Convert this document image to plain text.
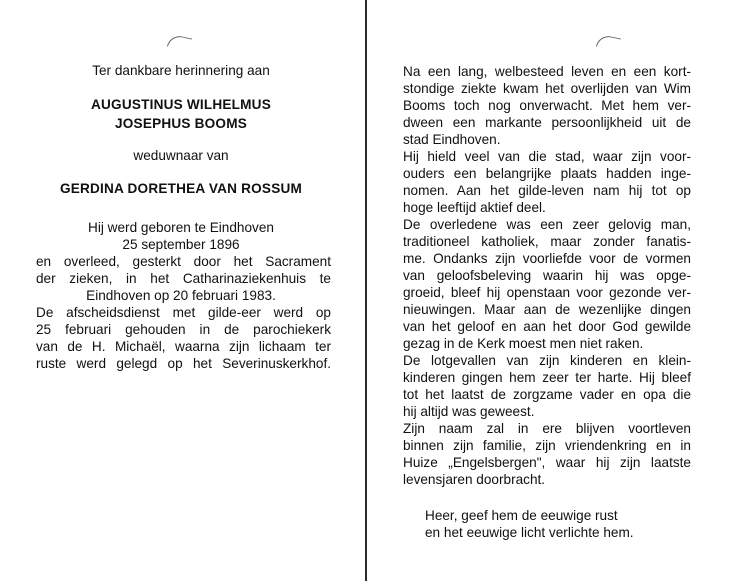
Ter dankbare herinnering aan

AUGUSTINUS WILHELMUS

JOSEPHUS BOOMS

weduwnaar van

GERDINA DORETHEA VAN ROSSUM

Hij werd geboren te Eindhoven

25 september 1896

en overleed, gesterkt door het Sacrament

der zieken, in het Catharinaziekenhuis te

Eindhoven op 20 februari 1983.

De afscheidsdienst met gilde-eer werd op

25 februari gehouden in de parochiekerk

van de H. Michaël, waarna zijn lichaam ter

ruste werd gelegd op het Severinuskerkhof.

Na een lang, welbesteed leven en een kort-

stondige ziekte kwam het overlijden van Wim

Booms toch nog onverwacht. Met hem ver-

dween een markante persoonlijkheid uit de

stad Eindhoven.

Hij hield veel van die stad, waar zijn voor-

ouders een belangrijke plaats hadden inge-

nomen. Aan het gilde-leven nam hij tot op

hoge leeftijd aktief deel.

De overledene was een zeer gelovig man,

traditioneel katholiek, maar zonder fanatis-

me. Ondanks zijn voorliefde voor de vormen

van geloofsbeleving waarin hij was opge-

groeid, bleef hij openstaan voor gezonde ver-

nieuwingen. Maar aan de wezenlijke dingen

van het geloof en aan het door God gewilde

gezag in de Kerk moest men niet raken.

De lotgevallen van zijn kinderen en klein-

kinderen gingen hem zeer ter harte. Hij bleef

tot het laatst de zorgzame vader en opa die

hij altijd was geweest.

Zijn naam zal in ere blijven voortleven

binnen zijn familie, zijn vriendenkring en in

Huize „Engelsbergen", waar hij zijn laatste

levensjaren doorbracht.

Heer, geef hem de eeuwige rust

en het eeuwige licht verlichte hem.
